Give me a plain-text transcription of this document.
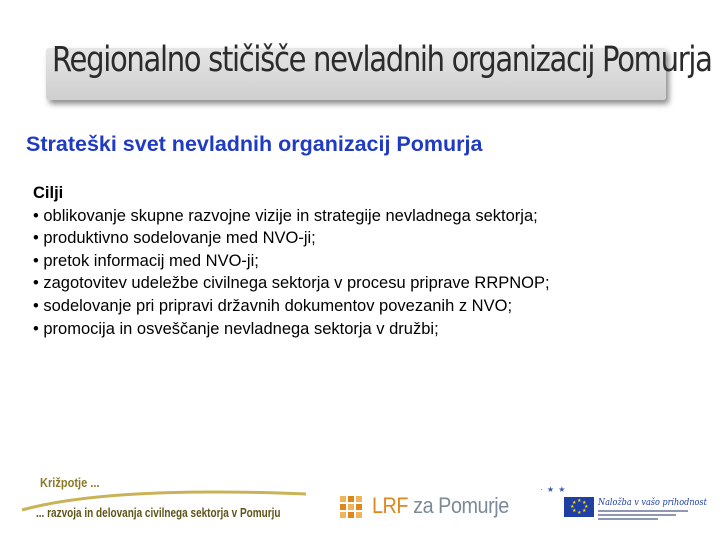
Regionalno stičišče nevladnih organizacij Pomurja
Strateški svet nevladnih organizacij Pomurja
Cilji

• oblikovanje skupne razvojne vizije in strategije nevladnega sektorja;

• produktivno sodelovanje med NVO-ji;

• pretok informacij med NVO-ji;

• zagotovitev udeležbe civilnega sektorja v procesu priprave RRPNOP;

• sodelovanje pri pripravi državnih dokumentov povezanih z NVO;

• promocija in osveščanje nevladnega sektorja v družbi;

Križpotje ...
... razvoja in delovanja civilnega sektorja v Pomurju	LRF za Pomurje
· ★ ★
★ ★
★
★
★
★
★
★ Naložba v vašo prihodnost
